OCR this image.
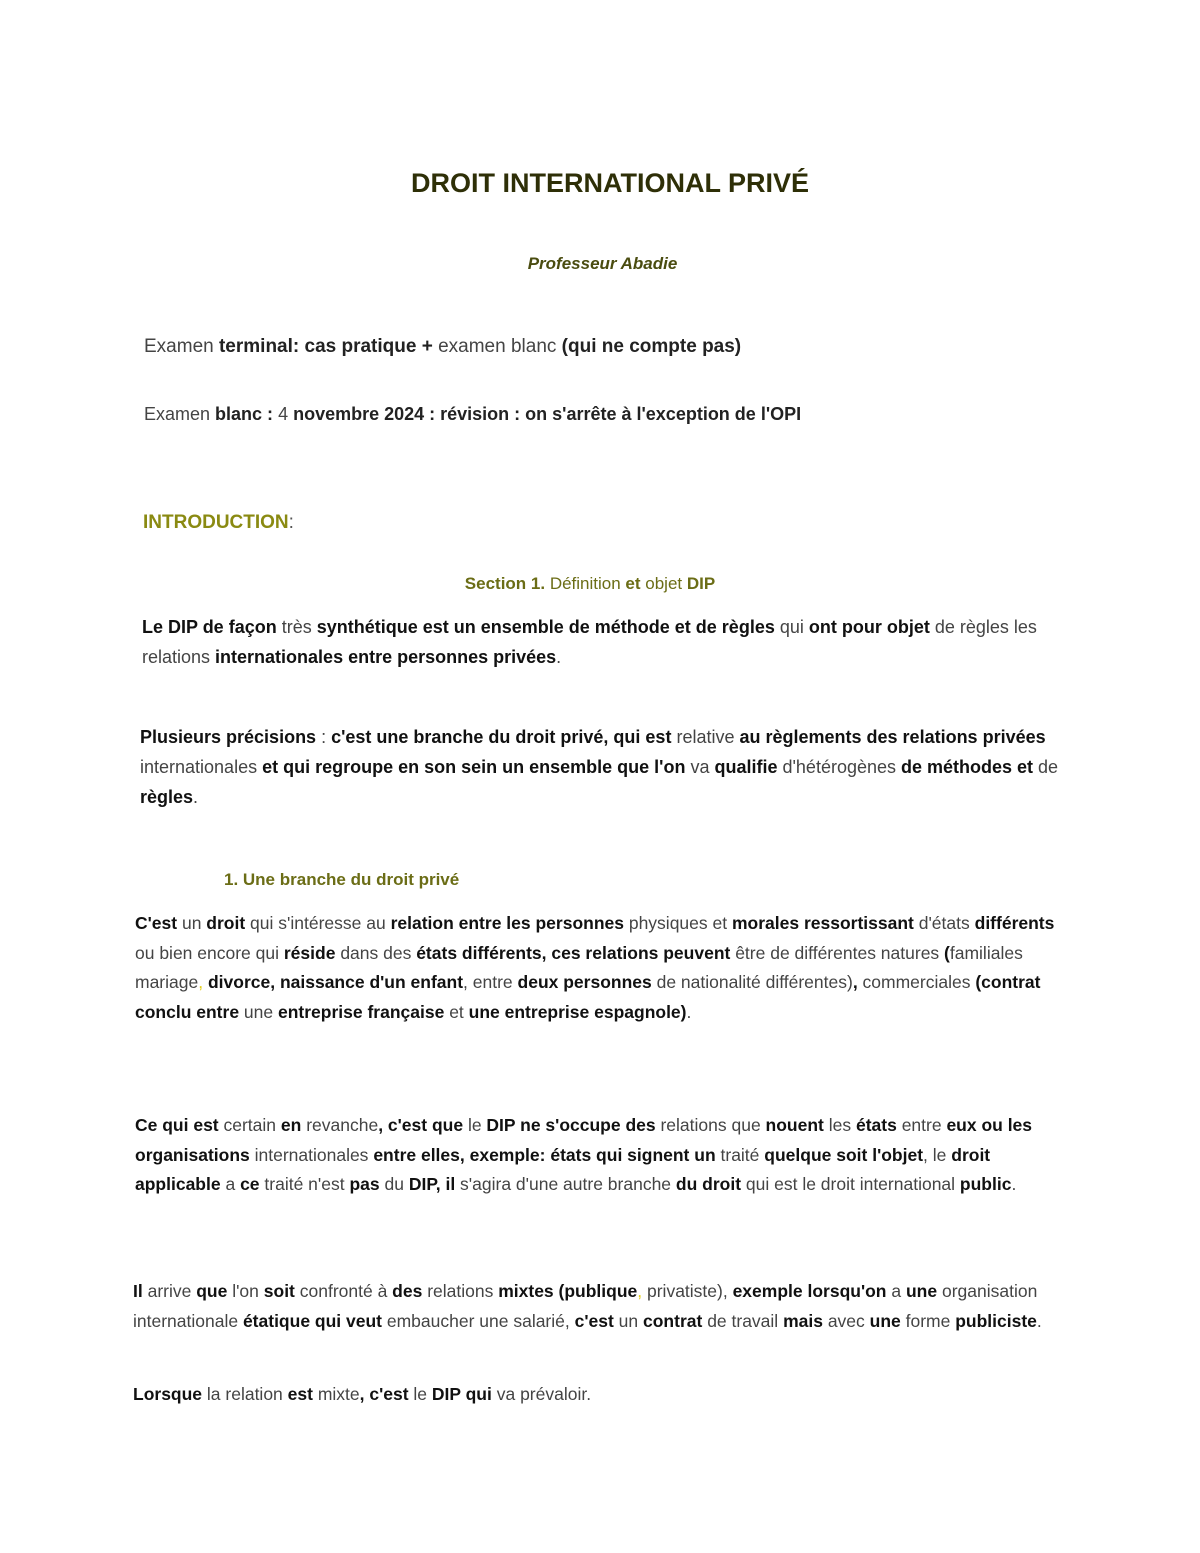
DROIT INTERNATIONAL PRIVÉ
Professeur Abadie
Examen terminal: cas pratique + examen blanc (qui ne compte pas)
Examen blanc : 4 novembre 2024 : révision : on s'arrête à l'exception de l'OPI
INTRODUCTION:
Section 1. Définition et objet DIP

Le DIP de façon très synthétique est un ensemble de méthode et de règles qui ont pour objet de règles les relations internationales entre personnes privées.

Plusieurs précisions : c'est une branche du droit privé, qui est relative au règlements des relations privées internationales et qui regroupe en son sein un ensemble que l'on va qualifie d'hétérogènes de méthodes et de règles.

1. Une branche du droit privé

C'est un droit qui s'intéresse au relation entre les personnes physiques et morales ressortissant d'états différents ou bien encore qui réside dans des états différents, ces relations peuvent être de différentes natures (familiales mariage, divorce, naissance d'un enfant, entre deux personnes de nationalité différentes), commerciales (contrat conclu entre une entreprise française et une entreprise espagnole).

Ce qui est certain en revanche, c'est que le DIP ne s'occupe des relations que nouent les états entre eux ou les organisations internationales entre elles, exemple: états qui signent un traité quelque soit l'objet, le droit applicable a ce traité n'est pas du DIP, il s'agira d'une autre branche du droit qui est le droit international public.

Il arrive que l'on soit confronté à des relations mixtes (publique, privatiste), exemple lorsqu'on a une organisation internationale étatique qui veut embaucher une salarié, c'est un contrat de travail mais avec une forme publiciste.

Lorsque la relation est mixte, c'est le DIP qui va prévaloir.
